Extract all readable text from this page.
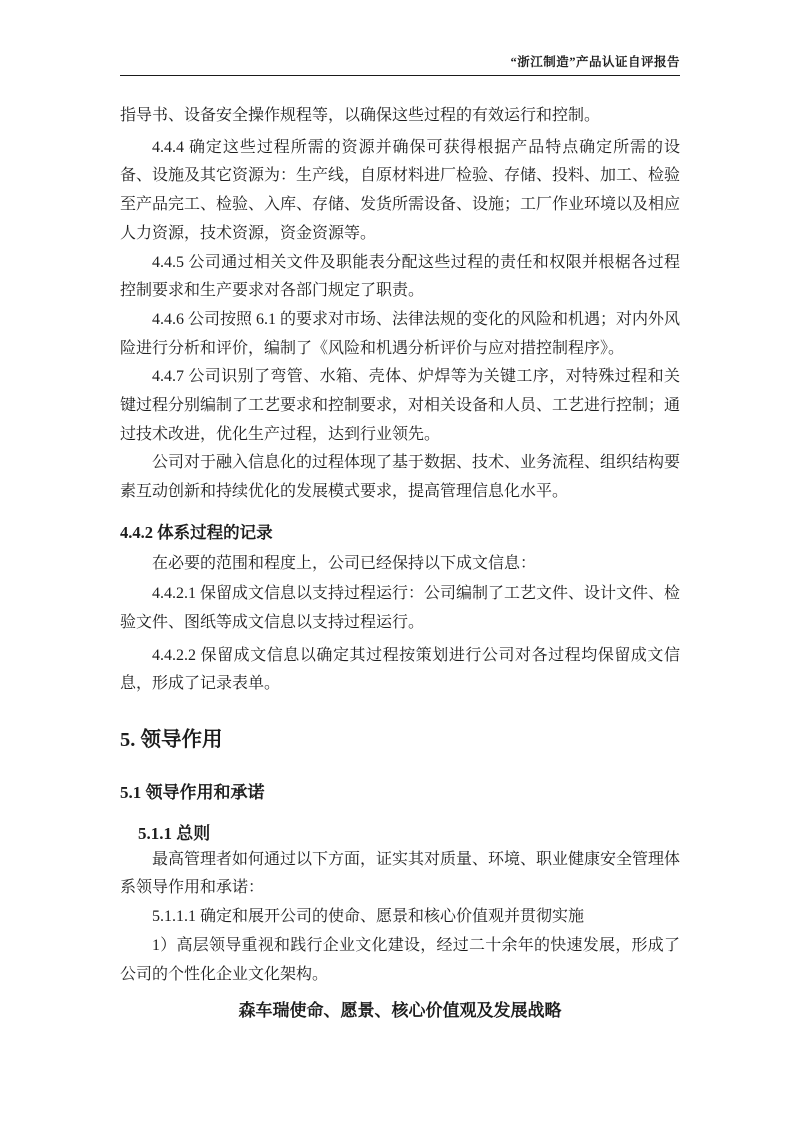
“浙江制造”产品认证自评报告

指导书、设备安全操作规程等，以确保这些过程的有效运行和控制。

4.4.4 确定这些过程所需的资源并确保可获得根据产品特点确定所需的设备、设施及其它资源为：生产线，自原材料进厂检验、存储、投料、加工、检验至产品完工、检验、入库、存储、发货所需设备、设施；工厂作业环境以及相应人力资源，技术资源，资金资源等。

4.4.5 公司通过相关文件及职能表分配这些过程的责任和权限并根椐各过程控制要求和生产要求对各部门规定了职责。

4.4.6 公司按照 6.1 的要求对市场、法律法规的变化的风险和机遇；对内外风险进行分析和评价，编制了《风险和机遇分析评价与应对措控制程序》。

4.4.7 公司识别了弯管、水箱、壳体、炉焊等为关键工序，对特殊过程和关键过程分别编制了工艺要求和控制要求，对相关设备和人员、工艺进行控制；通过技术改进，优化生产过程，达到行业领先。

公司对于融入信息化的过程体现了基于数据、技术、业务流程、组织结构要素互动创新和持续优化的发展模式要求，提高管理信息化水平。

4.4.2 体系过程的记录

在必要的范围和程度上，公司已经保持以下成文信息：

4.4.2.1 保留成文信息以支持过程运行：公司编制了工艺文件、设计文件、检验文件、图纸等成文信息以支持过程运行。

4.4.2.2 保留成文信息以确定其过程按策划进行公司对各过程均保留成文信息，形成了记录表单。

5. 领导作用
5.1 领导作用和承诺
5.1.1 总则

最高管理者如何通过以下方面，证实其对质量、环境、职业健康安全管理体系领导作用和承诺：

5.1.1.1 确定和展开公司的使命、愿景和核心价值观并贯彻实施

1）高层领导重视和践行企业文化建设，经过二十余年的快速发展，形成了公司的个性化企业文化架构。

森车瑞使命、愿景、核心价值观及发展战略
